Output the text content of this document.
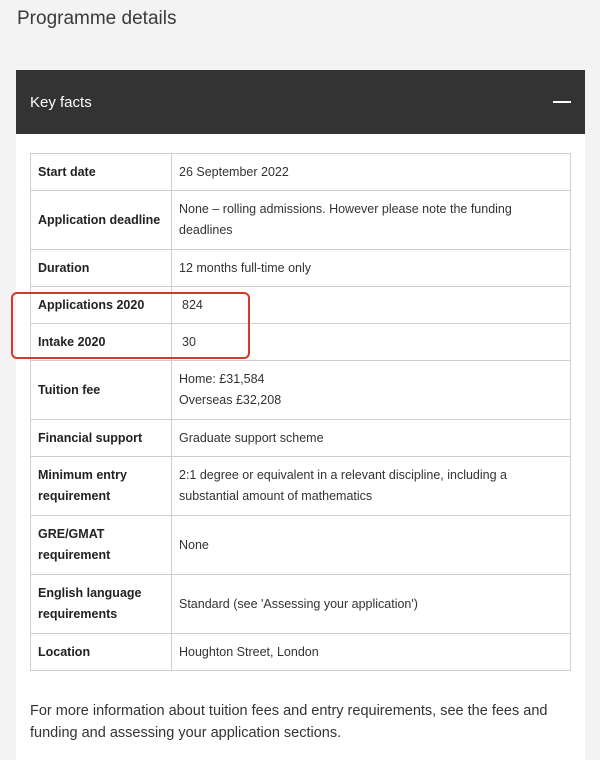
Programme details
Key facts
Start date	26 September 2022
Application deadline	None – rolling admissions. However please note the funding
deadlines
Duration	12 months full-time only
Applications 2020	824
Intake 2020	30
Tuition fee	Home: £31,584
Overseas £32,208
Financial support	Graduate support scheme
Minimum entry requirement	2:1 degree or equivalent in a relevant discipline, including a
substantial amount of mathematics
GRE/GMAT requirement	None
English language requirements	Standard (see 'Assessing your application')
Location	Houghton Street, London

For more information about tuition fees and entry requirements, see the fees and funding and assessing your application sections.
